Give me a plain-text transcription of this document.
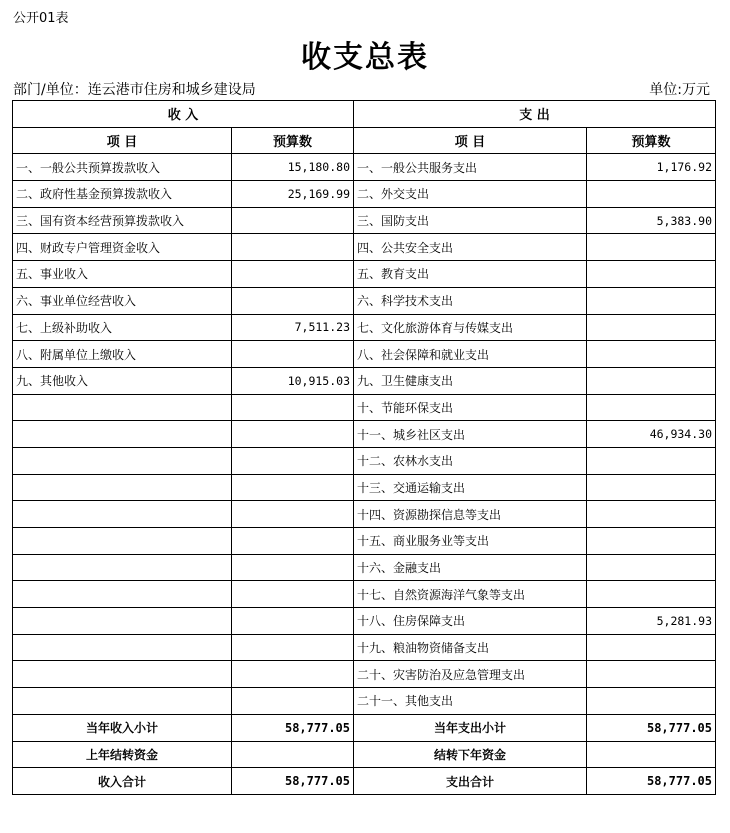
公开01表
收支总表
部门/单位：连云港市住房和城乡建设局	单位:万元
收 入		支 出	
项 目	预算数	项 目	预算数
一、一般公共预算拨款收入	15,180.80	一、一般公共服务支出	1,176.92
二、政府性基金预算拨款收入	25,169.99	二、外交支出	
三、国有资本经营预算拨款收入		三、国防支出	5,383.90
四、财政专户管理资金收入		四、公共安全支出	
五、事业收入		五、教育支出	
六、事业单位经营收入		六、科学技术支出	
七、上级补助收入	7,511.23	七、文化旅游体育与传媒支出	
八、附属单位上缴收入		八、社会保障和就业支出	
九、其他收入	10,915.03	九、卫生健康支出	
		十、节能环保支出	
		十一、城乡社区支出	46,934.30
		十二、农林水支出	
		十三、交通运输支出	
		十四、资源勘探信息等支出	
		十五、商业服务业等支出	
		十六、金融支出	
		十七、自然资源海洋气象等支出	
		十八、住房保障支出	5,281.93
		十九、粮油物资储备支出	
		二十、灾害防治及应急管理支出	
		二十一、其他支出	
当年收入小计	58,777.05	当年支出小计	58,777.05
上年结转资金		结转下年资金	
收入合计	58,777.05	支出合计	58,777.05
